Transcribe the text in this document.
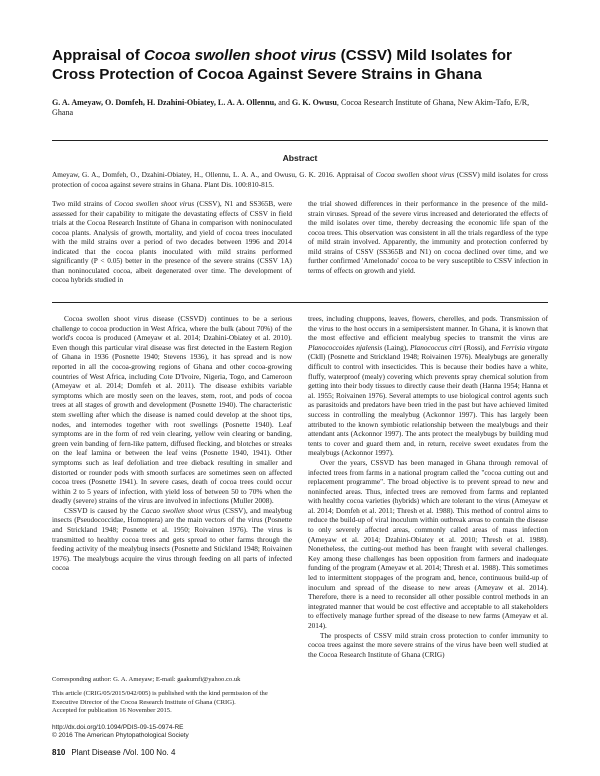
Appraisal of Cocoa swollen shoot virus (CSSV) Mild Isolates for Cross Protection of Cocoa Against Severe Strains in Ghana
G. A. Ameyaw, O. Domfeh, H. Dzahini-Obiatey, L. A. A. Ollennu, and G. K. Owusu, Cocoa Research Institute of Ghana, New Akim-Tafo, E/R, Ghana
Abstract
Ameyaw, G. A., Domfeh, O., Dzahini-Obiatey, H., Ollennu, L. A. A., and Owusu, G. K. 2016. Appraisal of Cocoa swollen shoot virus (CSSV) mild isolates for cross protection of cocoa against severe strains in Ghana. Plant Dis. 100:810-815.
Two mild strains of Cocoa swollen shoot virus (CSSV), N1 and SS365B, were assessed for their capability to mitigate the devastating effects of CSSV in field trials at the Cocoa Research Institute of Ghana in comparison with noninoculated cocoa plants. Analysis of growth, mortality, and yield of cocoa trees inoculated with the mild strains over a period of two decades between 1996 and 2014 indicated that the cocoa plants inoculated with mild strains performed significantly (P < 0.05) better in the presence of the severe strains (CSSV 1A) than noninoculated cocoa, albeit degenerated over time. The development of cocoa hybrids studied in
the trial showed differences in their performance in the presence of the mild-strain viruses. Spread of the severe virus increased and deteriorated the effects of the mild isolates over time, thereby decreasing the economic life span of the cocoa trees. This observation was consistent in all the trials regardless of the type of mild strain involved. Apparently, the immunity and protection conferred by mild strains of CSSV (SS365B and N1) on cocoa declined over time, and we further confirmed 'Amelonado' cocoa to be very susceptible to CSSV infection in terms of effects on growth and yield.

Cocoa swollen shoot virus disease (CSSVD) continues to be a serious challenge to cocoa production in West Africa, where the bulk (about 70%) of the world's cocoa is produced (Ameyaw et al. 2014; Dzahini-Obiatey et al. 2010). Even though this particular viral disease was first detected in the Eastern Region of Ghana in 1936 (Posnette 1940; Stevens 1936), it has spread and is now reported in all the cocoa-growing regions of Ghana and other cocoa-growing countries of West Africa, including Cote D'Ivoire, Nigeria, Togo, and Cameroon (Ameyaw et al. 2014; Domfeh et al. 2011). The disease exhibits variable symptoms which are mostly seen on the leaves, stem, root, and pods of cocoa trees at all stages of growth and development (Posnette 1940). The characteristic stem swelling after which the disease is named could develop at the shoot tips, nodes, and internodes together with root swellings (Posnette 1940). Leaf symptoms are in the form of red vein clearing, yellow vein clearing or banding, green vein banding of fern-like pattern, diffused flecking, and blotches or streaks on the leaf lamina or between the leaf veins (Posnette 1940, 1941). Other symptoms such as leaf defoliation and tree dieback resulting in smaller and distorted or rounder pods with smooth surfaces are sometimes seen on affected cocoa trees (Posnette 1941). In severe cases, death of cocoa trees could occur within 2 to 5 years of infection, with yield loss of between 50 to 70% when the deadly (severe) strains of the virus are involved in infections (Muller 2008).

CSSVD is caused by the Cacao swollen shoot virus (CSSV), and mealybug insects (Pseudococcidae, Homoptera) are the main vectors of the virus (Posnette and Strickland 1948; Posnette et al. 1950; Roivainen 1976). The virus is transmitted to healthy cocoa trees and gets spread to other farms through the feeding activity of the mealybug insects (Posnette and Stickland 1948; Roivainen 1976). The mealybugs acquire the virus through feeding on all parts of infected cocoa

Corresponding author: G. A. Ameyaw; E-mail: gaakumfi@yahoo.co.uk
This article (CRIG/05/2015/042/005) is published with the kind permission of the Executive Director of the Cocoa Research Institute of Ghana (CRIG).
Accepted for publication 16 November 2015.
http://dx.doi.org/10.1094/PDIS-09-15-0974-RE
© 2016 The American Phytopathological Society
810 Plant Disease /Vol. 100 No. 4

trees, including chuppons, leaves, flowers, cherelles, and pods. Transmission of the virus to the host occurs in a semipersistent manner. In Ghana, it is known that the most effective and efficient mealybug species to transmit the virus are Planococcoides njalensis (Laing), Planococcus citri (Rossi), and Ferrisia virgata (Ckll) (Posnette and Strickland 1948; Roivainen 1976). Mealybugs are generally difficult to control with insecticides. This is because their bodies have a white, fluffy, waterproof (mealy) covering which prevents spray chemical solution from getting into their body tissues to directly cause their death (Hanna 1954; Hanna et al. 1955; Roivainen 1976). Several attempts to use biological control agents such as parasitoids and predators have been tried in the past but have achieved limited success in controlling the mealybug (Ackonnor 1997). This has largely been attributed to the known symbiotic relationship between the mealybugs and their attendant ants (Ackonnor 1997). The ants protect the mealybugs by building mud tents to cover and guard them and, in return, receive sweet exudates from the mealybugs (Ackonnor 1997).

Over the years, CSSVD has been managed in Ghana through removal of infected trees from farms in a national program called the "cocoa cutting out and replacement programme". The broad objective is to prevent spread to new and noninfected areas. Thus, infected trees are removed from farms and replanted with healthy cocoa varieties (hybrids) which are tolerant to the virus (Ameyaw et al. 2014; Domfeh et al. 2011; Thresh et al. 1988). This method of control aims to reduce the build-up of viral inoculum within outbreak areas to contain the disease to only severely affected areas, commonly called areas of mass infection (Ameyaw et al. 2014; Dzahini-Obiatey et al. 2010; Thresh et al. 1988). Nonetheless, the cutting-out method has been fraught with several challenges. Key among these challenges has been opposition from farmers and inadequate funding of the program (Ameyaw et al. 2014; Thresh et al. 1988). This sometimes led to intermittent stoppages of the program and, hence, continuous build-up of inoculum and spread of the disease to new areas (Ameyaw et al. 2014). Therefore, there is a need to reconsider all other possible control methods in an integrated manner that would be cost effective and acceptable to all stakeholders to effectively manage further spread of the disease to new farms (Ameyaw et al. 2014).

The prospects of CSSV mild strain cross protection to confer immunity to cocoa trees against the more severe strains of the virus have been well studied at the Cocoa Research Institute of Ghana (CRIG)
